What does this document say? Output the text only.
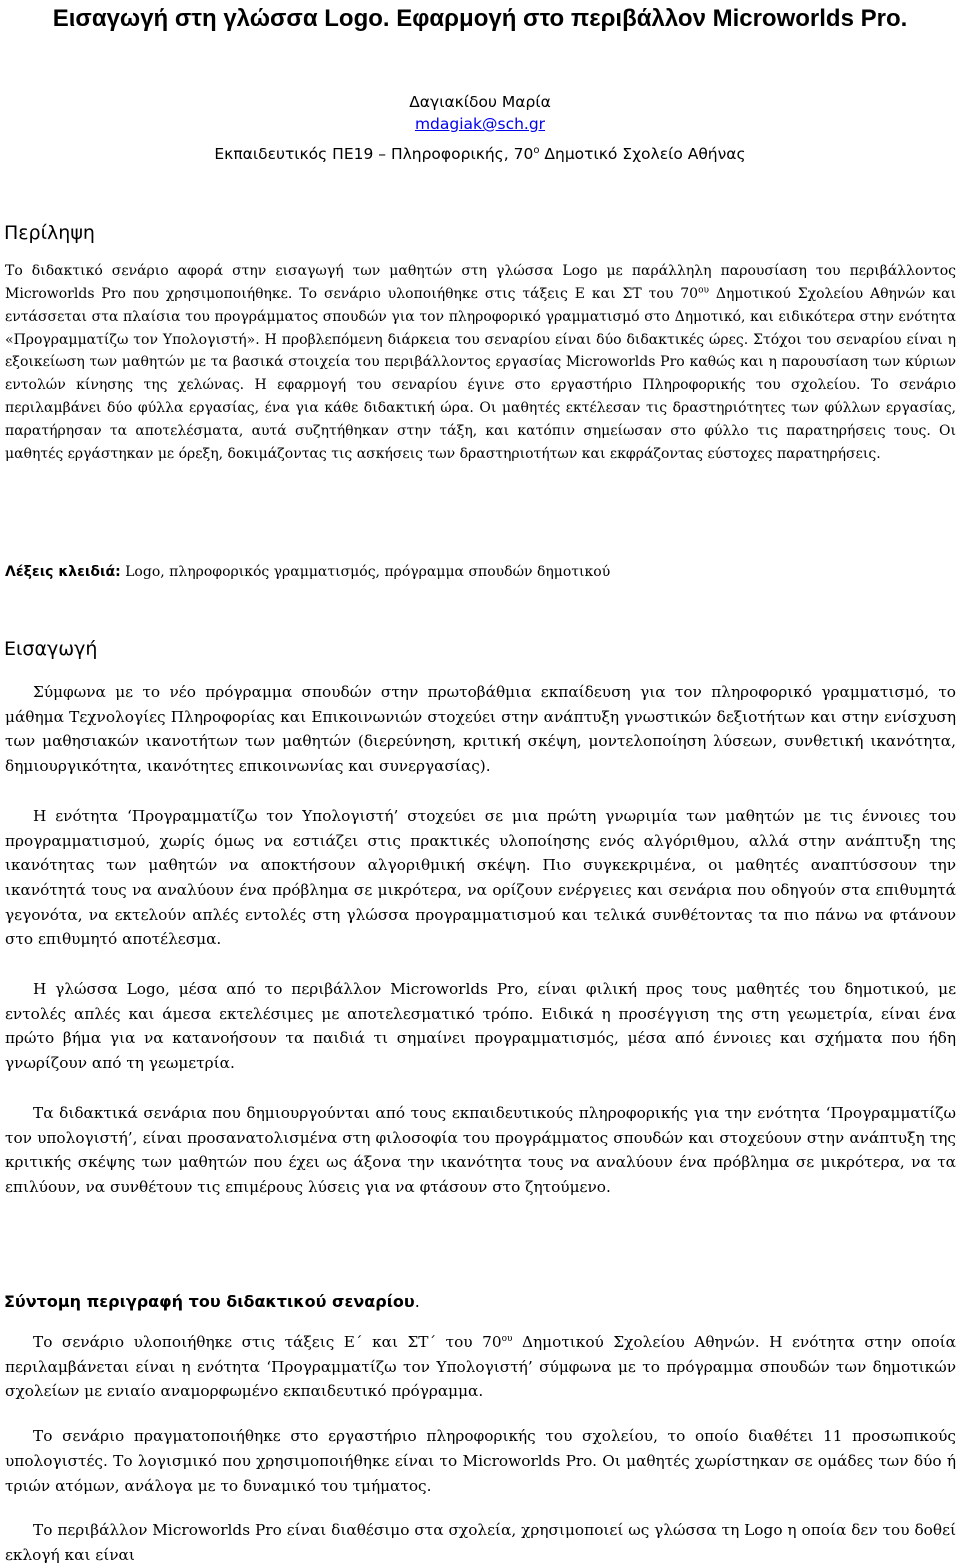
Εισαγωγή στη γλώσσα Logo. Εφαρμογή στο περιβάλλον Microworlds Pro.
Δαγιακίδου Μαρία
mdagiak@sch.gr
Εκπαιδευτικός ΠΕ19 – Πληροφορικής, $70^o$ Δημοτικό Σχολείο Αθήνας
Περίληψη

Το διδακτικό σενάριο αφορά στην εισαγωγή των μαθητών στη γλώσσα Logo με παράλληλη παρουσίαση του περιβάλλοντος Microworlds Pro που χρησιμοποιήθηκε. Το σενάριο υλοποιήθηκε στις τάξεις Ε και ΣΤ του $70^{o\upsilon}$ Δημοτικού Σχολείου Αθηνών και εντάσσεται στα πλαίσια του προγράμματος σπουδών για τον πληροφορικό γραμματισμό στο Δημοτικό, και ειδικότερα στην ενότητα «Προγραμματίζω τον Υπολογιστή». Η προβλεπόμενη διάρκεια του σεναρίου είναι δύο διδακτικές ώρες. Στόχοι του σεναρίου είναι η εξοικείωση των μαθητών με τα βασικά στοιχεία του περιβάλλοντος εργασίας Microworlds Pro καθώς και η παρουσίαση των κύριων εντολών κίνησης της χελώνας. Η εφαρμογή του σεναρίου έγινε στο εργαστήριο Πληροφορικής του σχολείου. Το σενάριο περιλαμβάνει δύο φύλλα εργασίας, ένα για κάθε διδακτική ώρα. Οι μαθητές εκτέλεσαν τις δραστηριότητες των φύλλων εργασίας, παρατήρησαν τα αποτελέσματα, αυτά συζητήθηκαν στην τάξη, και κατόπιν σημείωσαν στο φύλλο τις παρατηρήσεις τους. Οι μαθητές εργάστηκαν με όρεξη, δοκιμάζοντας τις ασκήσεις των δραστηριοτήτων και εκφράζοντας εύστοχες παρατηρήσεις.

Λέξεις κλειδιά: Logo, πληροφορικός γραμματισμός, πρόγραμμα σπουδών δημοτικού
Εισαγωγή

Σύμφωνα με το νέο πρόγραμμα σπουδών στην πρωτοβάθμια εκπαίδευση για τον πληροφορικό γραμματισμό, το μάθημα Τεχνολογίες Πληροφορίας και Επικοινωνιών στοχεύει στην ανάπτυξη γνωστικών δεξιοτήτων και στην ενίσχυση των μαθησιακών ικανοτήτων των μαθητών (διερεύνηση, κριτική σκέψη, μοντελοποίηση λύσεων, συνθετική ικανότητα, δημιουργικότητα, ικανότητες επικοινωνίας και συνεργασίας).

Η ενότητα ‘Προγραμματίζω τον Υπολογιστή’ στοχεύει σε μια πρώτη γνωριμία των μαθητών με τις έννοιες του προγραμματισμού, χωρίς όμως να εστιάζει στις πρακτικές υλοποίησης ενός αλγόριθμου, αλλά στην ανάπτυξη της ικανότητας των μαθητών να αποκτήσουν αλγοριθμική σκέψη. Πιο συγκεκριμένα, οι μαθητές αναπτύσσουν την ικανότητά τους να αναλύουν ένα πρόβλημα σε μικρότερα, να ορίζουν ενέργειες και σενάρια που οδηγούν στα επιθυμητά γεγονότα, να εκτελούν απλές εντολές στη γλώσσα προγραμματισμού και τελικά συνθέτοντας τα πιο πάνω να φτάνουν στο επιθυμητό αποτέλεσμα.

Η γλώσσα Logo, μέσα από το περιβάλλον Microworlds Pro, είναι φιλική προς τους μαθητές του δημοτικού, με εντολές απλές και άμεσα εκτελέσιμες με αποτελεσματικό τρόπο. Ειδικά η προσέγγιση της στη γεωμετρία, είναι ένα πρώτο βήμα για να κατανοήσουν τα παιδιά τι σημαίνει προγραμματισμός, μέσα από έννοιες και σχήματα που ήδη γνωρίζουν από τη γεωμετρία.

Τα διδακτικά σενάρια που δημιουργούνται από τους εκπαιδευτικούς πληροφορικής για την ενότητα ‘Προγραμματίζω τον υπολογιστή’, είναι προσανατολισμένα στη φιλοσοφία του προγράμματος σπουδών και στοχεύουν στην ανάπτυξη της κριτικής σκέψης των μαθητών που έχει ως άξονα την ικανότητα τους να αναλύουν ένα πρόβλημα σε μικρότερα, να τα επιλύουν, να συνθέτουν τις επιμέρους λύσεις για να φτάσουν στο ζητούμενο.

Σύντομη περιγραφή του διδακτικού σεναρίου.

Το σενάριο υλοποιήθηκε στις τάξεις Ε΄ και ΣΤ΄ του $70^{o\upsilon}$ Δημοτικού Σχολείου Αθηνών. Η ενότητα στην οποία περιλαμβάνεται είναι η ενότητα ‘Προγραμματίζω τον Υπολογιστή’ σύμφωνα με το πρόγραμμα σπουδών των δημοτικών σχολείων με ενιαίο αναμορφωμένο εκπαιδευτικό πρόγραμμα.

Το σενάριο πραγματοποιήθηκε στο εργαστήριο πληροφορικής του σχολείου, το οποίο διαθέτει 11 προσωπικούς υπολογιστές. Το λογισμικό που χρησιμοποιήθηκε είναι το Microworlds Pro. Οι μαθητές χωρίστηκαν σε ομάδες των δύο ή τριών ατόμων, ανάλογα με το δυναμικό του τμήματος.

Το περιβάλλον Microworlds Pro είναι διαθέσιμο στα σχολεία, χρησιμοποιεί ως γλώσσα τη Logo η οποία δεν του δοθεί εκλογή και είναι
